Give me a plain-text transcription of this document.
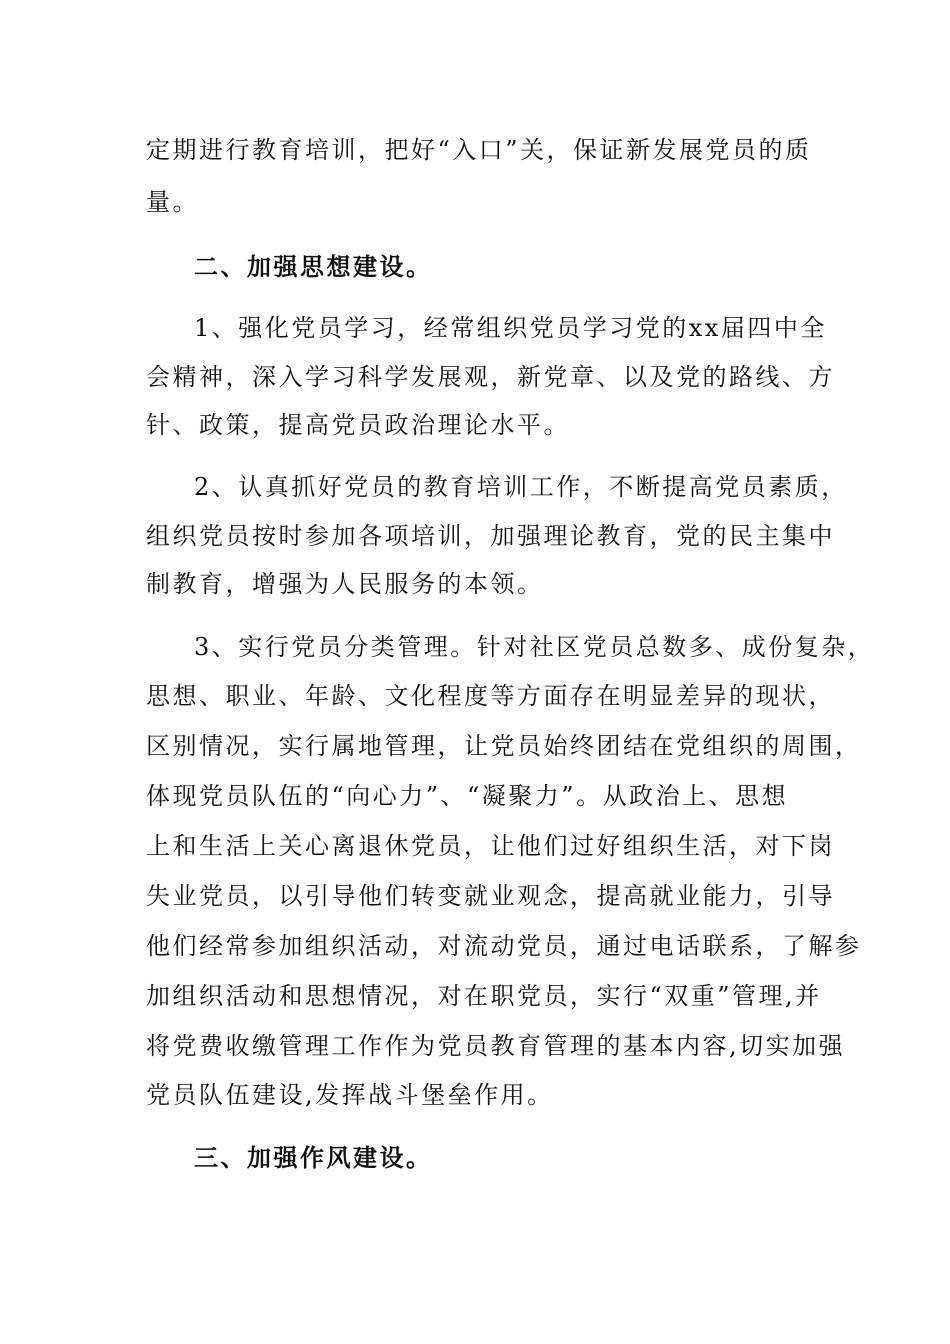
定期进行教育培训，把好“入口”关，保证新发展党员的质
量。
二、加强思想建设。
1、强化党员学习，经常组织党员学习党的xx届四中全
会精神，深入学习科学发展观，新党章、以及党的路线、方
针、政策，提高党员政治理论水平。
2、认真抓好党员的教育培训工作，不断提高党员素质，
组织党员按时参加各项培训，加强理论教育，党的民主集中
制教育，增强为人民服务的本领。
3、实行党员分类管理。针对社区党员总数多、成份复杂，
思想、职业、年龄、文化程度等方面存在明显差异的现状，
区别情况，实行属地管理，让党员始终团结在党组织的周围，
体现党员队伍的“向心力”、“凝聚力”。从政治上、思想
上和生活上关心离退休党员，让他们过好组织生活，对下岗
失业党员，以引导他们转变就业观念，提高就业能力，引导
他们经常参加组织活动，对流动党员，通过电话联系，了解参
加组织活动和思想情况，对在职党员，实行“双重”管理,并
将党费收缴管理工作作为党员教育管理的基本内容,切实加强
党员队伍建设,发挥战斗堡垒作用。
三、加强作风建设。
